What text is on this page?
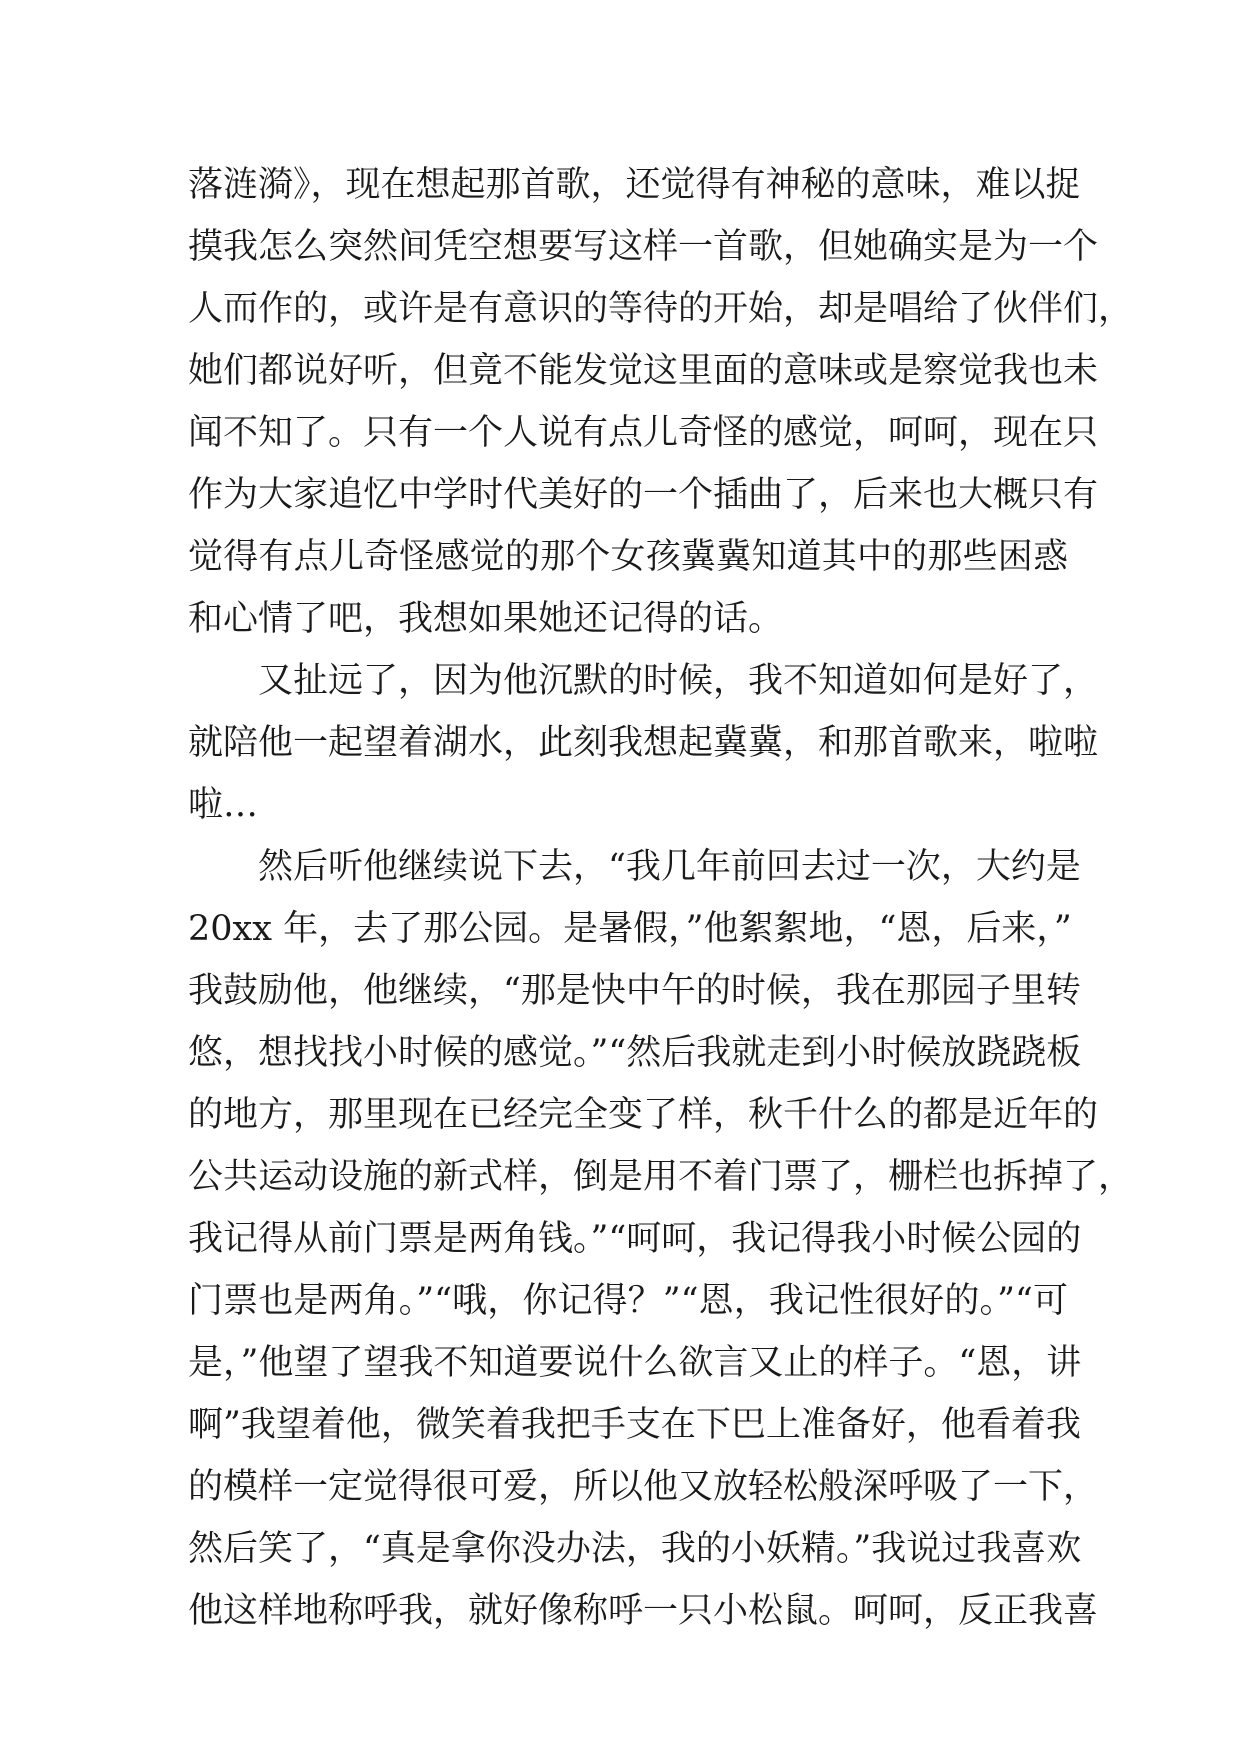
落涟漪》，现在想起那首歌，还觉得有神秘的意味，难以捉
摸我怎么突然间凭空想要写这样一首歌，但她确实是为一个
人而作的，或许是有意识的等待的开始，却是唱给了伙伴们，
她们都说好听，但竟不能发觉这里面的意味或是察觉我也未
闻不知了。只有一个人说有点儿奇怪的感觉，呵呵，现在只
作为大家追忆中学时代美好的一个插曲了，后来也大概只有
觉得有点儿奇怪感觉的那个女孩冀冀知道其中的那些困惑
和心情了吧，我想如果她还记得的话。
又扯远了，因为他沉默的时候，我不知道如何是好了，
就陪他一起望着湖水，此刻我想起冀冀，和那首歌来，啦啦
啦…
然后听他继续说下去，“我几年前回去过一次，大约是
20xx 年，去了那公园。是暑假，”他絮絮地，“恩，后来，”
我鼓励他，他继续，“那是快中午的时候，我在那园子里转
悠，想找找小时候的感觉。”“然后我就走到小时候放跷跷板
的地方，那里现在已经完全变了样，秋千什么的都是近年的
公共运动设施的新式样，倒是用不着门票了，栅栏也拆掉了，
我记得从前门票是两角钱。”“呵呵，我记得我小时候公园的
门票也是两角。”“哦，你记得？”“恩，我记性很好的。”“可
是，”他望了望我不知道要说什么欲言又止的样子。“恩，讲
啊”我望着他，微笑着我把手支在下巴上准备好，他看着我
的模样一定觉得很可爱，所以他又放轻松般深呼吸了一下，
然后笑了，“真是拿你没办法，我的小妖精。”我说过我喜欢
他这样地称呼我，就好像称呼一只小松鼠。呵呵，反正我喜
